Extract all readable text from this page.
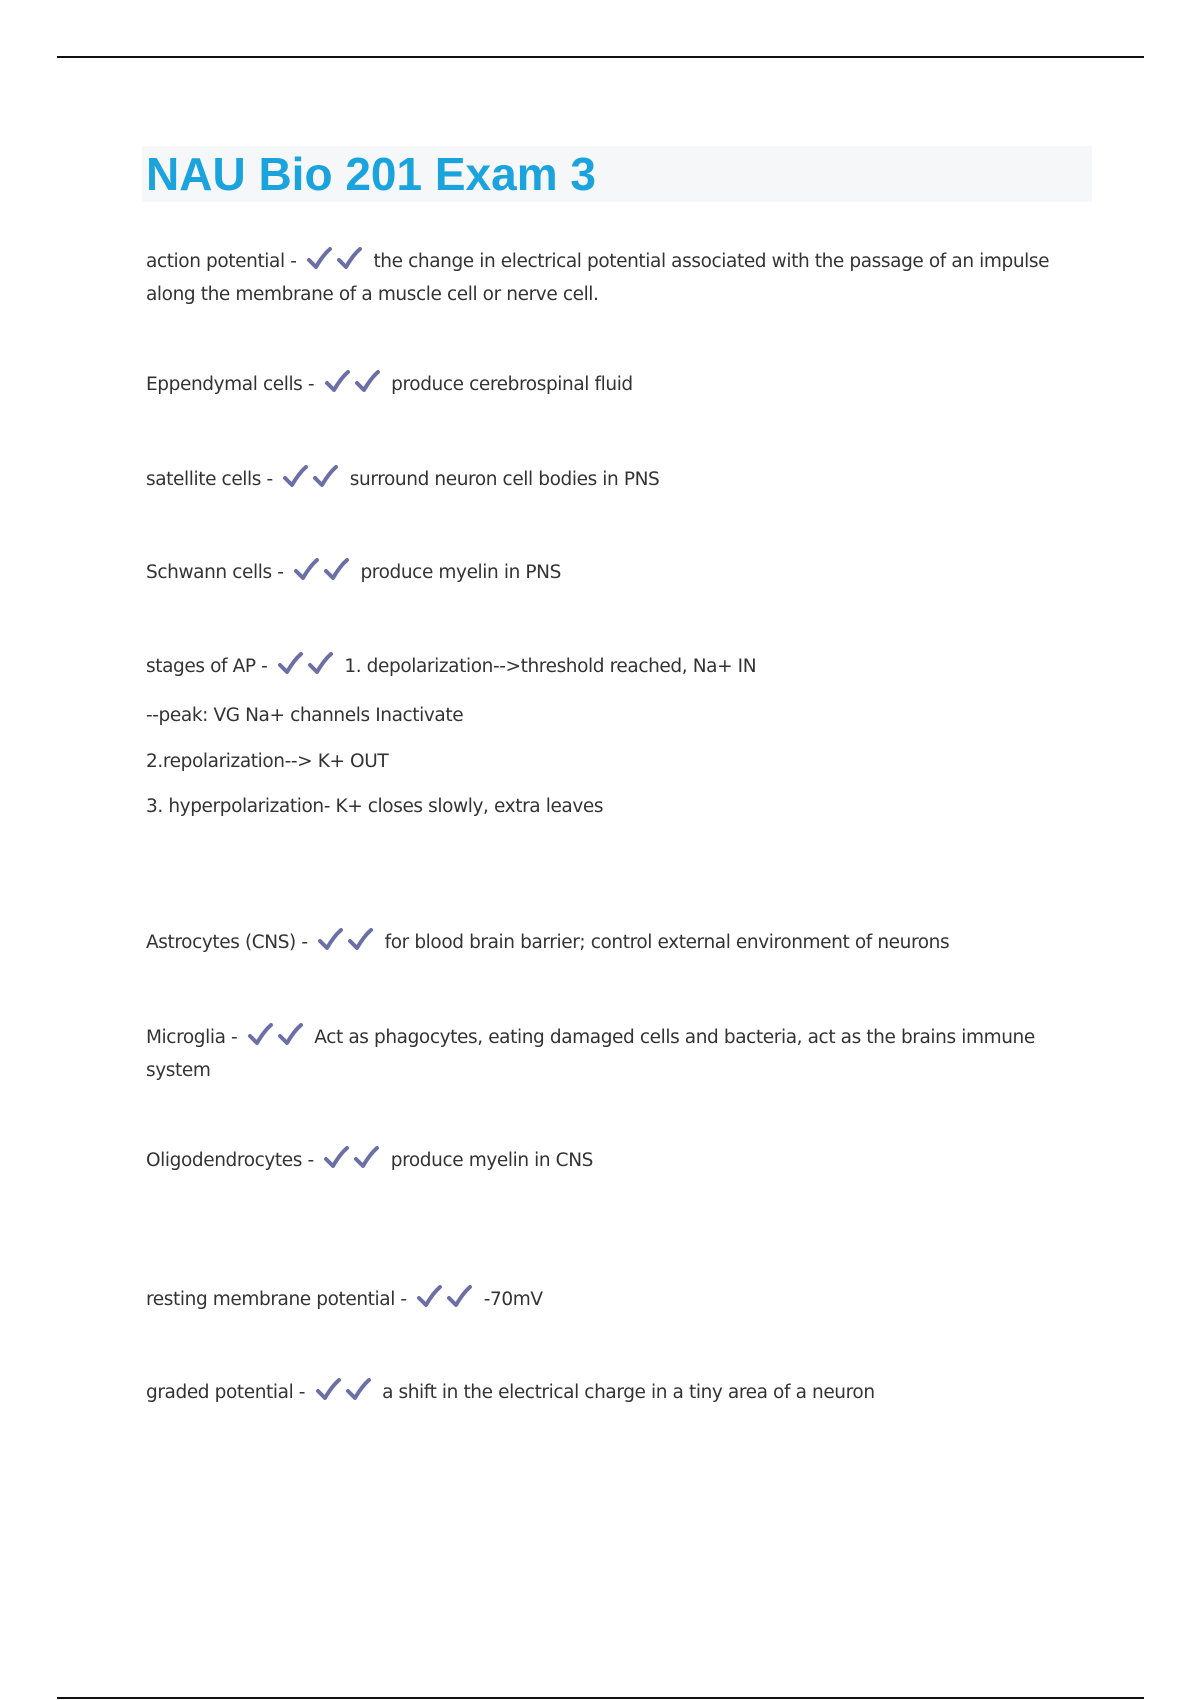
NAU Bio 201 Exam 3
action potential -	the change in electrical potential associated with the passage of an impulse
along the membrane of a muscle cell or nerve cell.
Eppendymal cells -	produce cerebrospinal fluid
satellite cells -	surround neuron cell bodies in PNS
Schwann cells -	produce myelin in PNS
stages of AP -	1. depolarization-->threshold reached, Na+ IN
--peak: VG Na+ channels Inactivate
2.repolarization--> K+ OUT
3. hyperpolarization- K+ closes slowly, extra leaves
Astrocytes (CNS) -	for blood brain barrier; control external environment of neurons
Microglia -	Act as phagocytes, eating damaged cells and bacteria, act as the brains immune
system
Oligodendrocytes -	produce myelin in CNS
resting membrane potential -	-70mV
graded potential -	a shift in the electrical charge in a tiny area of a neuron
